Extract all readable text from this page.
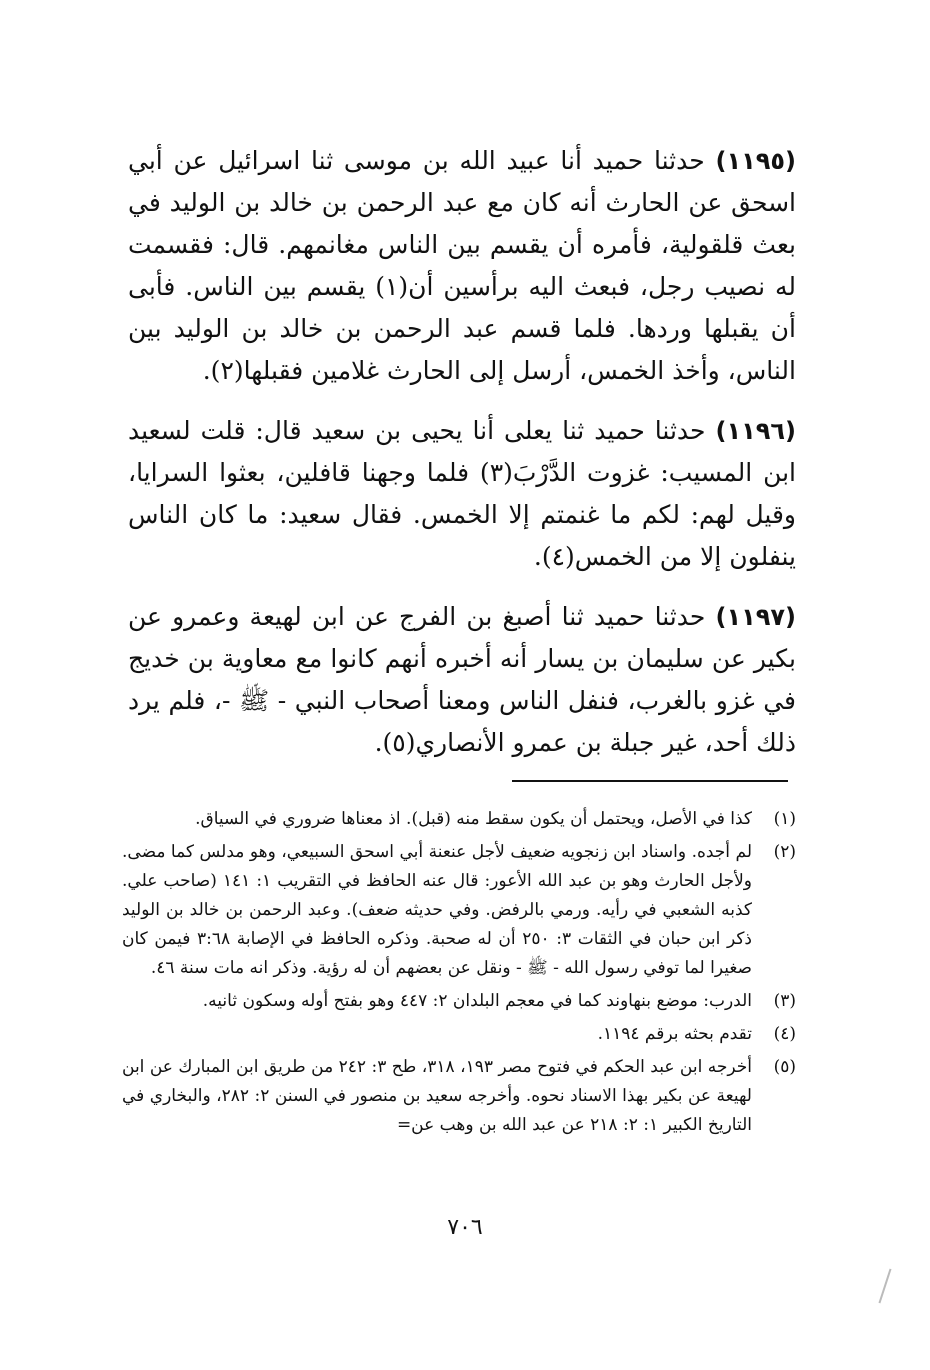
(١١٩٥) حدثنا حميد أنا عبيد الله بن موسى ثنا اسرائيل عن أبي اسحق عن الحارث أنه كان مع عبد الرحمن بن خالد بن الوليد في بعث قلقولية، فأمره أن يقسم بين الناس مغانمهم. قال: فقسمت له نصيب رجل، فبعث اليه برأسين أن(١) يقسم بين الناس. فأبى أن يقبلها وردها. فلما قسم عبد الرحمن بن خالد بن الوليد بين الناس، وأخذ الخمس، أرسل إلى الحارث غلامين فقبلها(٢).

(١١٩٦) حدثنا حميد ثنا يعلى أنا يحيى بن سعيد قال: قلت لسعيد ابن المسيب: غزوت الدَّرْبَ(٣) فلما وجهنا قافلين، بعثوا السرايا، وقيل لهم: لكم ما غنمتم إلا الخمس. فقال سعيد: ما كان الناس ينفلون إلا من الخمس(٤).

(١١٩٧) حدثنا حميد ثنا أصبغ بن الفرج عن ابن لهيعة وعمرو عن بكير عن سليمان بن يسار أنه أخبره أنهم كانوا مع معاوية بن خديج في غزو بالغرب، فنفل الناس ومعنا أصحاب النبي - ﷺ -، فلم يرد ذلك أحد، غير جبلة بن عمرو الأنصاري(٥).

(١)
كذا في الأصل، ويحتمل أن يكون سقط منه (قبل). اذ معناها ضروري في السياق.
(٢)
لم أجده. واسناد ابن زنجويه ضعيف لأجل عنعنة أبي اسحق السبيعي، وهو مدلس كما مضى. ولأجل الحارث وهو بن عبد الله الأعور: قال عنه الحافظ في التقريب ١: ١٤١ (صاحب علي. كذبه الشعبي في رأيه. ورمي بالرفض. وفي حديثه ضعف). وعبد الرحمن بن خالد بن الوليد ذكر ابن حبان في الثقات ٣: ٢٥٠ أن له صحبة. وذكره الحافظ في الإصابة ٣:٦٨ فيمن كان صغيرا لما توفي رسول الله - ﷺ - ونقل عن بعضهم أن له رؤية. وذكر انه مات سنة ٤٦.
(٣)
الدرب: موضع بنهاوند كما في معجم البلدان ٢: ٤٤٧ وهو بفتح أوله وسكون ثانيه.
(٤)
تقدم بحثه برقم ١١٩٤.
(٥)
أخرجه ابن عبد الحكم في فتوح مصر ١٩٣، ٣١٨، طح ٣: ٢٤٢ من طريق ابن المبارك عن ابن لهيعة عن بكير بهذا الاسناد نحوه. وأخرجه سعيد بن منصور في السنن ٢: ٢٨٢، والبخاري في التاريخ الكبير ١: ٢: ٢١٨ عن عبد الله بن وهب عن=
٧٠٦
